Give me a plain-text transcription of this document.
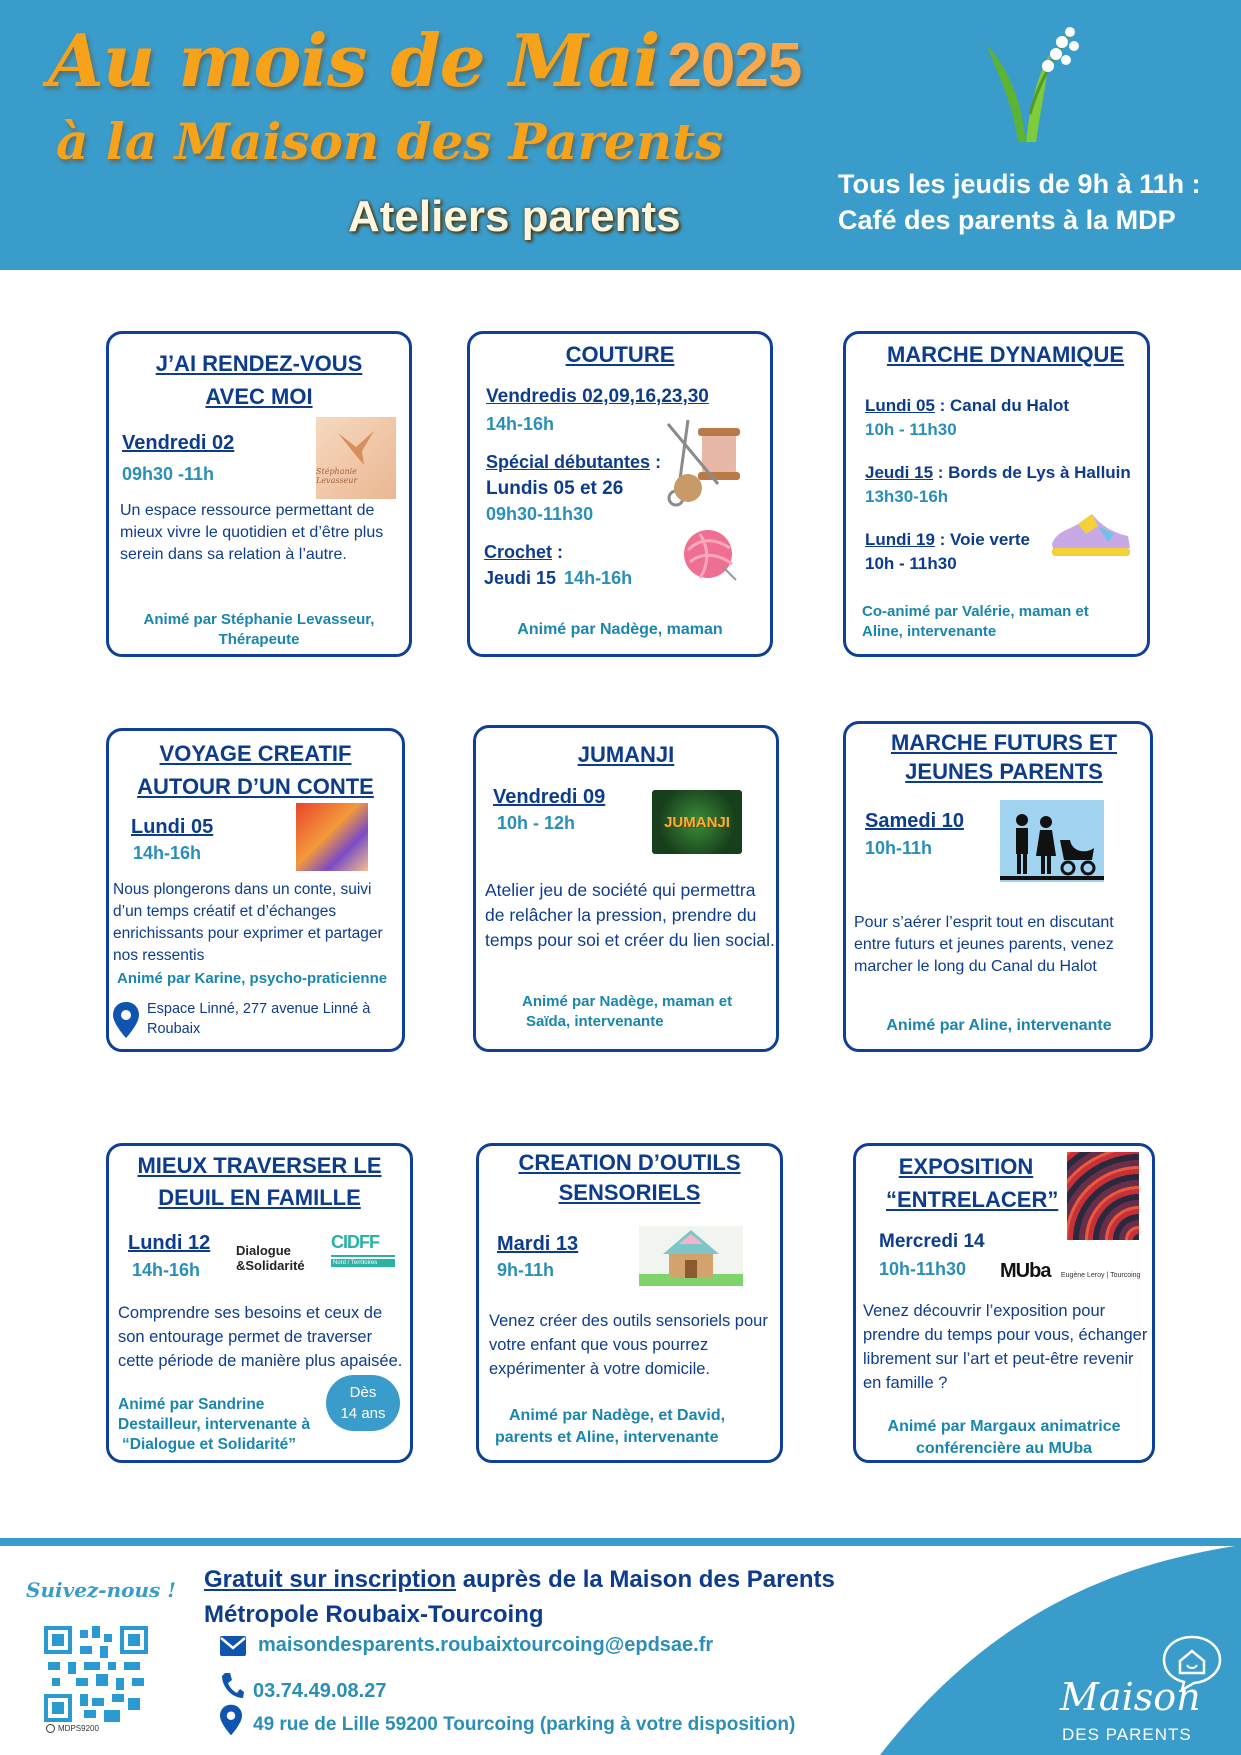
Au mois de Mai 2025
à la Maison des Parents
Ateliers parents
Tous les jeudis de 9h à 11h :
Café des parents à la MDP
J’AI RENDEZ-VOUS
AVEC MOI
Vendredi 02
09h30 -11h	Stéphanie Levasseur
Un espace ressource permettant de mieux vivre le quotidien et d’être plus serein dans sa relation à l’autre.
Animé par Stéphanie Levasseur,
Thérapeute
COUTURE
Vendredis 02,09,16,23,30
14h-16h
Spécial débutantes :
Lundis 05 et 26
09h30-11h30
Crochet :
Jeudi 15 14h-16h
Animé par Nadège, maman
MARCHE DYNAMIQUE
Lundi 05 : Canal du Halot
10h - 11h30
Jeudi 15 : Bords de Lys à Halluin
13h30-16h
Lundi 19 : Voie verte
10h - 11h30
Co-animé par Valérie, maman et
Aline, intervenante
VOYAGE CREATIF
AUTOUR D’UN CONTE
Lundi 05
14h-16h
Nous plongerons dans un conte, suivi d’un temps créatif et d’échanges enrichissants pour exprimer et partager nos ressentis
Animé par Karine, psycho-praticienne
Espace Linné, 277 avenue Linné à Roubaix
JUMANJI
Vendredi 09
10h - 12h	JUMANJI
Atelier jeu de société qui permettra de relâcher la pression, prendre du temps pour soi et créer du lien social.
Animé par Nadège, maman et
Saïda, intervenante
MARCHE FUTURS ET
JEUNES PARENTS
Samedi 10
10h-11h
Pour s’aérer l’esprit tout en discutant entre futurs et jeunes parents, venez marcher le long du Canal du Halot
Animé par Aline, intervenante
MIEUX TRAVERSER LE
DEUIL EN FAMILLE
Lundi 12
14h-16h
Dialogue
&Solidarité
CIDFF
Nord / Territoires
Comprendre ses besoins et ceux de son entourage permet de traverser cette période de manière plus apaisée.
Animé par Sandrine
Destailleur, intervenante à
“Dialogue et Solidarité”
Dès
14 ans
CREATION D’OUTILS
SENSORIELS
Mardi 13
9h-11h
Venez créer des outils sensoriels pour votre enfant que vous pourrez expérimenter à votre domicile.
Animé par Nadège, et David,
parents et Aline, intervenante
EXPOSITION
“ENTRELACER”
Mercredi 14
10h-11h30 MUba Eugène Leroy | Tourcoing
Venez découvrir l’exposition pour prendre du temps pour vous, échanger librement sur l’art et peut-être revenir en famille ?
Animé par Margaux animatrice
conférencière au MUba
Suivez-nous !
MDPS9200
Gratuit sur inscription auprès de la Maison des Parents
Métropole Roubaix-Tourcoing
maisondesparents.roubaixtourcoing@epdsae.fr
03.74.49.08.27
49 rue de Lille 59200 Tourcoing (parking à votre disposition)
Maison
DES PARENTS
